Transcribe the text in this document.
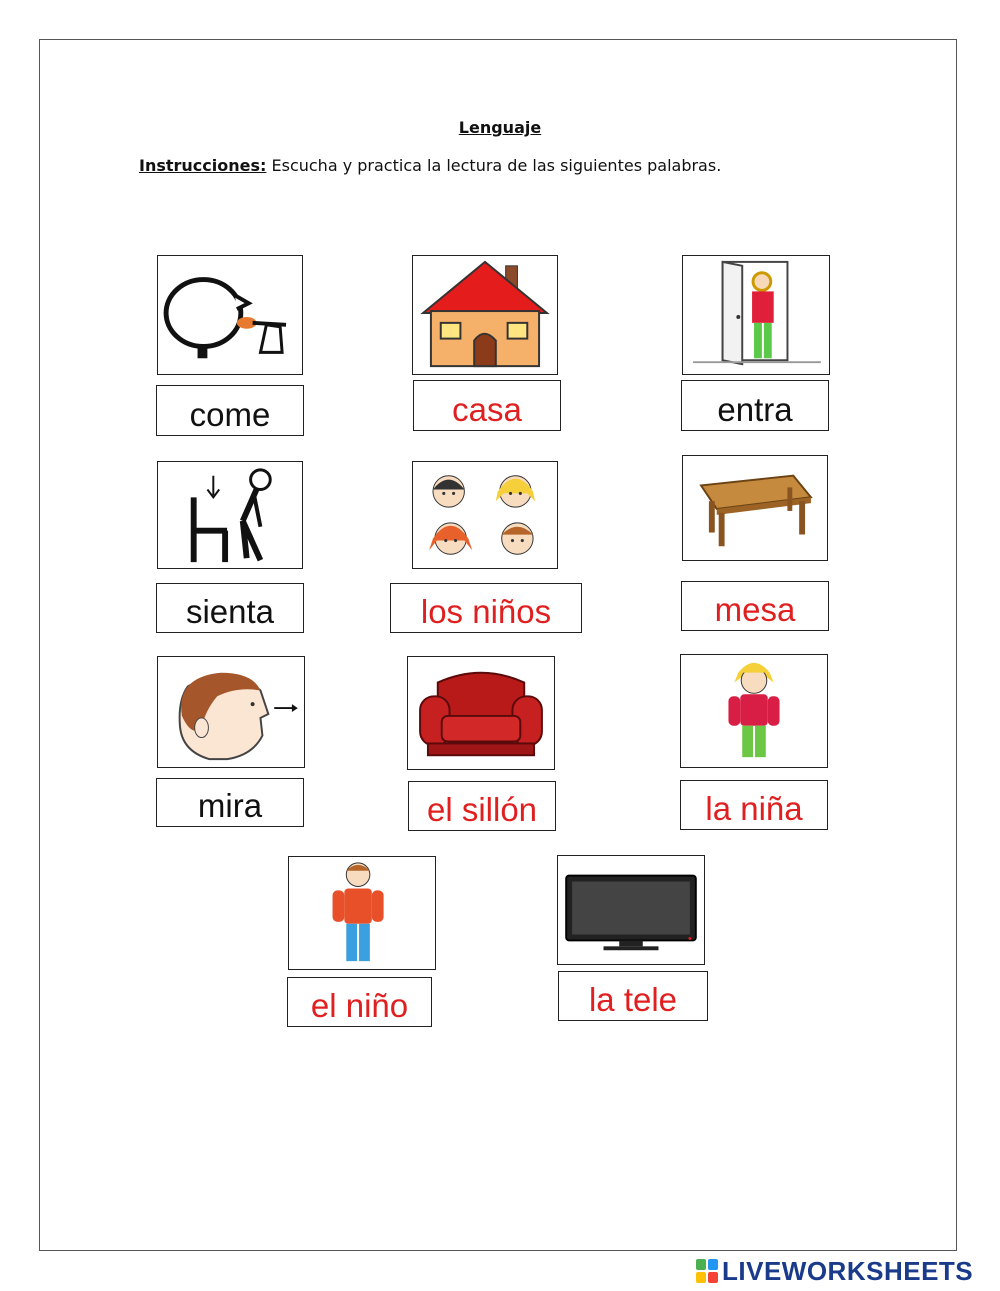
Lenguaje
Instrucciones: Escucha y practica la lectura de las siguientes palabras.
come	casa	entra
sienta	los niños	mesa
mira	el sillón	la niña
el niño	la tele
LIVEWORKSHEETS
